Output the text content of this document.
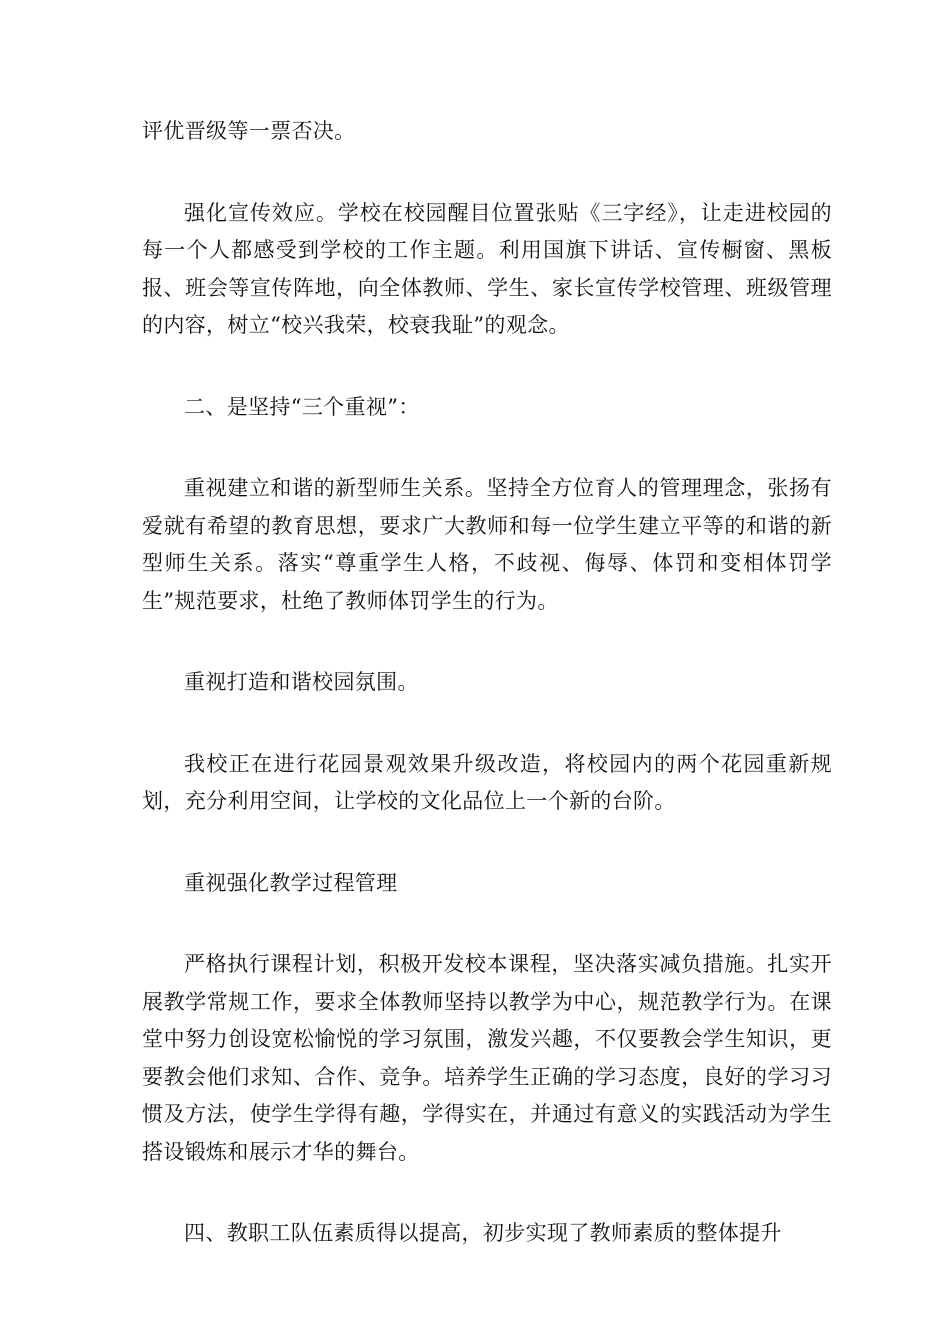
评优晋级等一票否决。

强化宣传效应。学校在校园醒目位置张贴《三字经》，让走进校园的每一个人都感受到学校的工作主题。利用国旗下讲话、宣传橱窗、黑板报、班会等宣传阵地，向全体教师、学生、家长宣传学校管理、班级管理的内容，树立“校兴我荣，校衰我耻”的观念。

二、是坚持“三个重视”：

重视建立和谐的新型师生关系。坚持全方位育人的管理理念，张扬有爱就有希望的教育思想，要求广大教师和每一位学生建立平等的和谐的新型师生关系。落实“尊重学生人格，不歧视、侮辱、体罚和变相体罚学生”规范要求，杜绝了教师体罚学生的行为。

重视打造和谐校园氛围。

我校正在进行花园景观效果升级改造，将校园内的两个花园重新规划，充分利用空间，让学校的文化品位上一个新的台阶。

重视强化教学过程管理

严格执行课程计划，积极开发校本课程，坚决落实减负措施。扎实开展教学常规工作，要求全体教师坚持以教学为中心，规范教学行为。在课堂中努力创设宽松愉悦的学习氛围，激发兴趣，不仅要教会学生知识，更要教会他们求知、合作、竞争。培养学生正确的学习态度，良好的学习习惯及方法，使学生学得有趣，学得实在，并通过有意义的实践活动为学生搭设锻炼和展示才华的舞台。

四、教职工队伍素质得以提高，初步实现了教师素质的整体提升
